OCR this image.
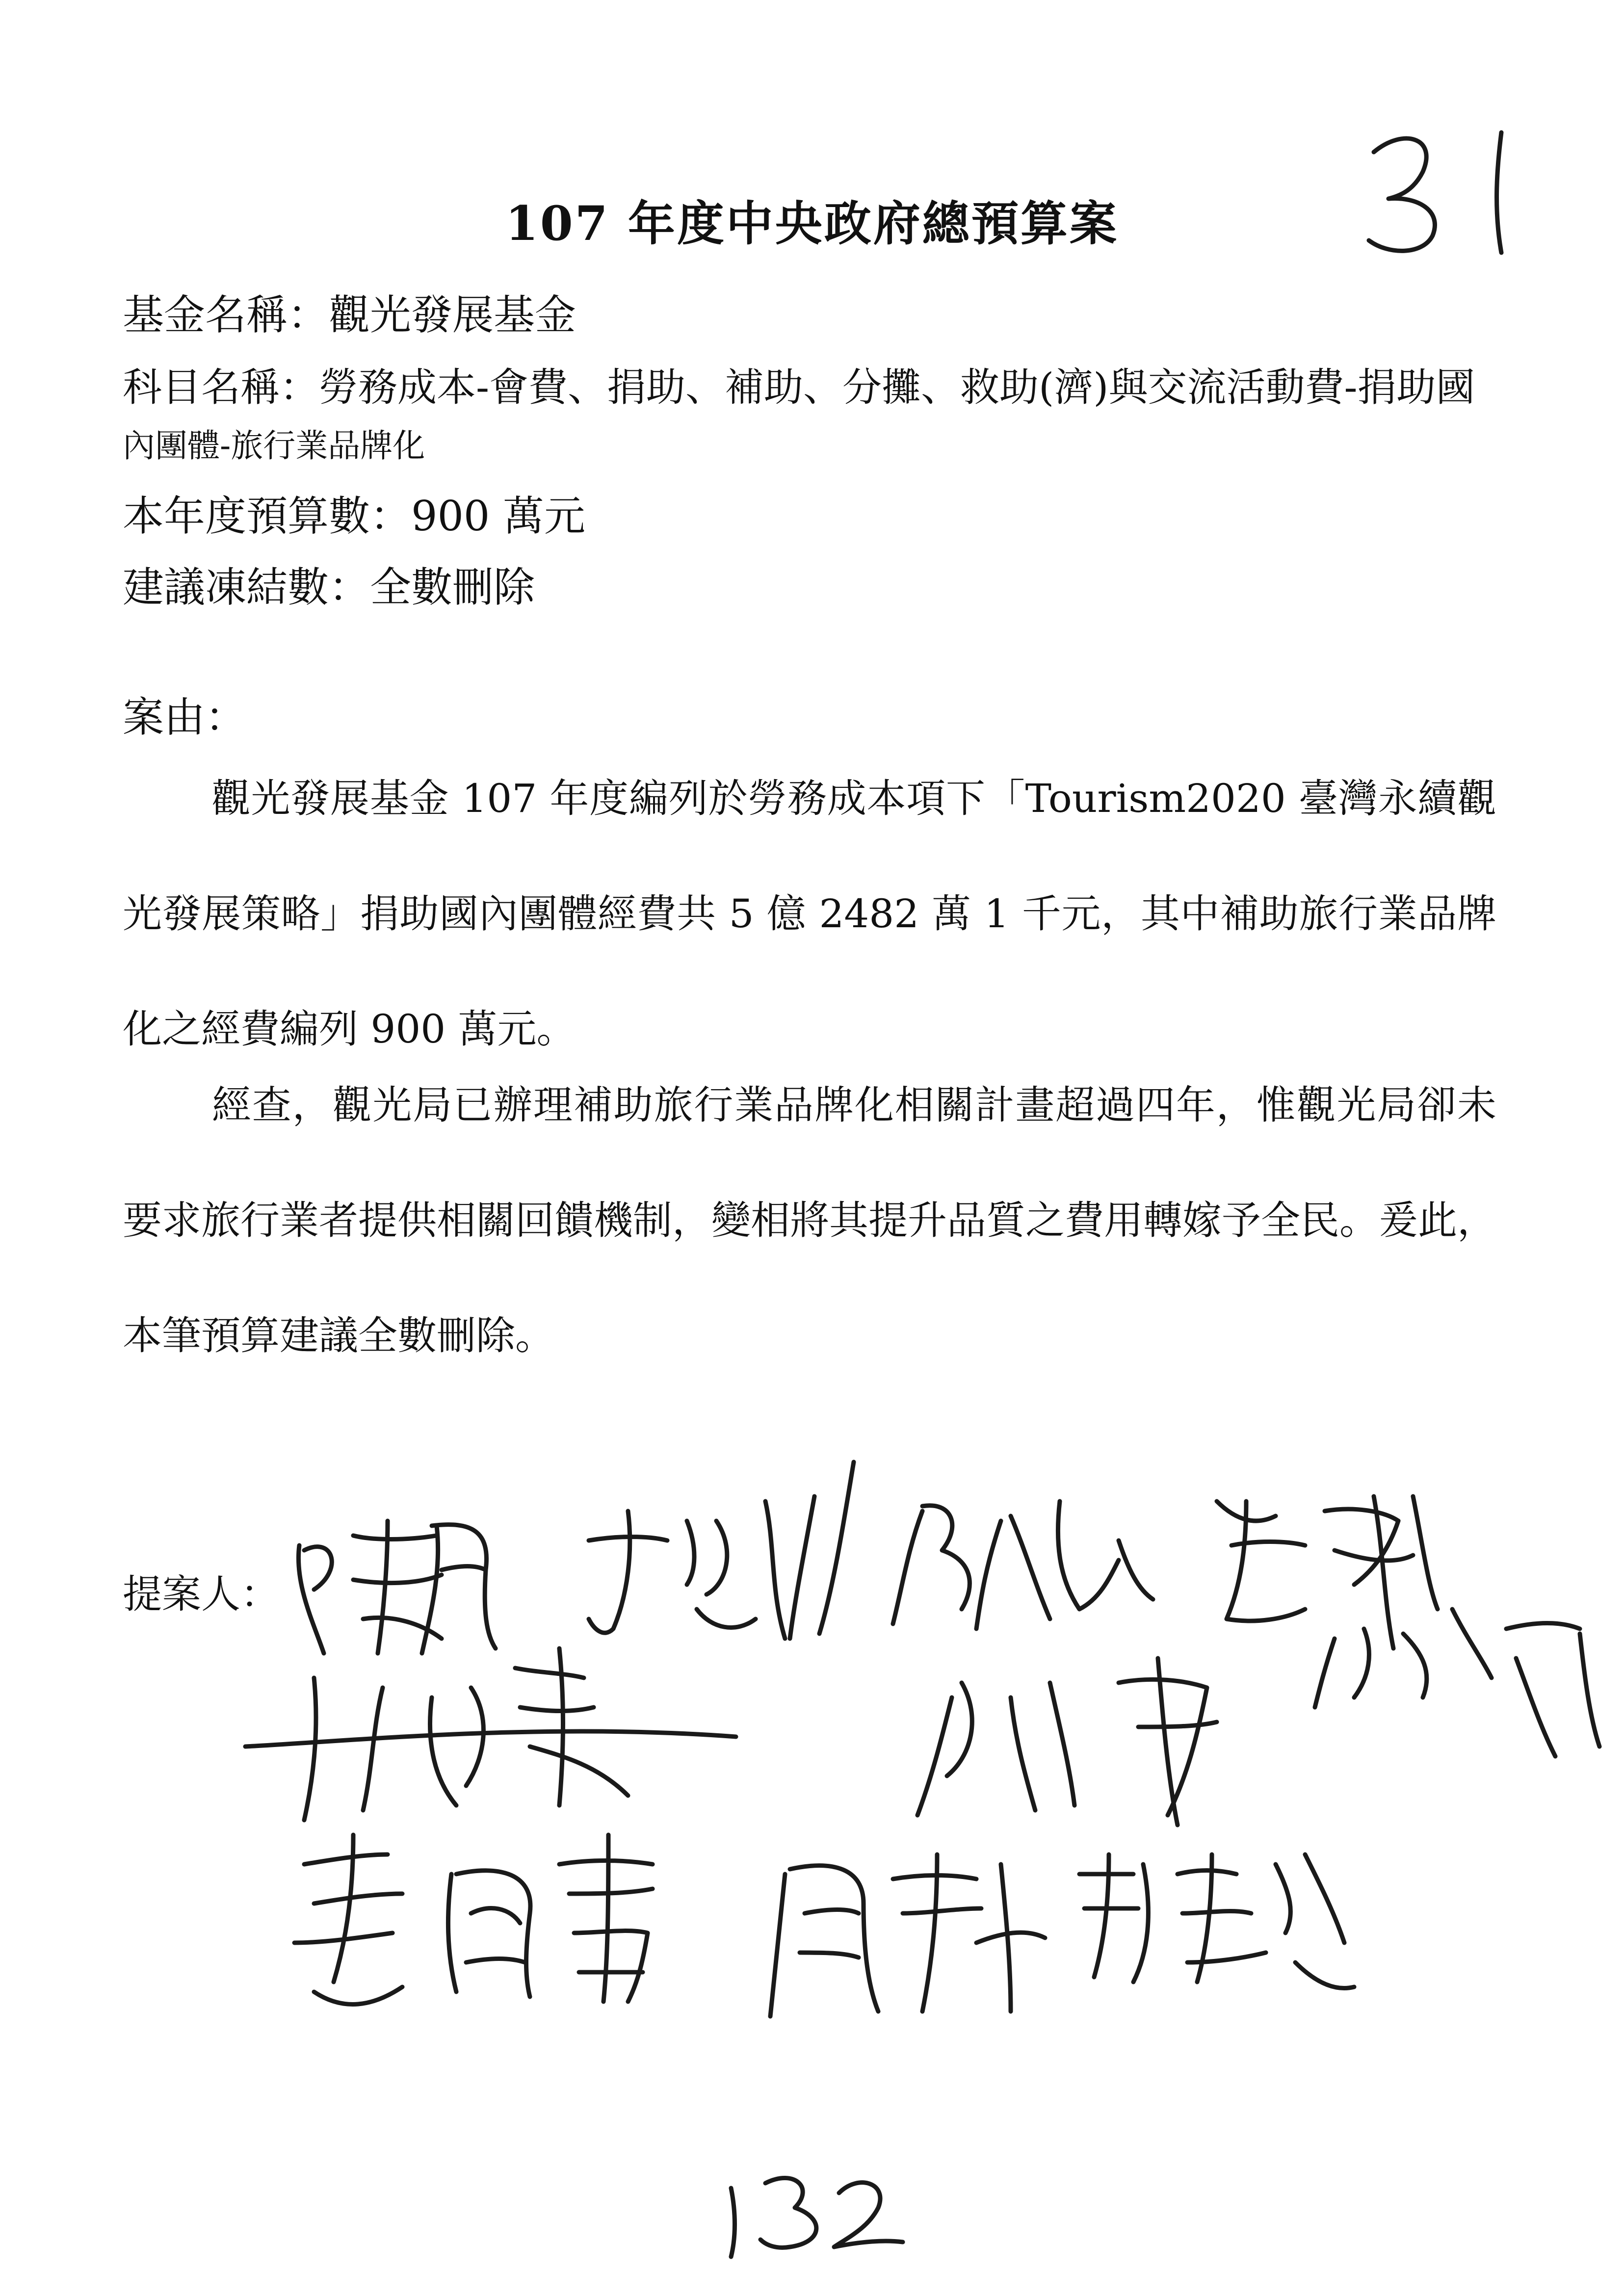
107 年度中央政府總預算案
31
基金名稱：觀光發展基金
科目名稱：勞務成本-會費、捐助、補助、分攤、救助(濟)與交流活動費-捐助國
內團體-旅行業品牌化
本年度預算數：900 萬元
建議凍結數：全數刪除
案由：
觀光發展基金 107 年度編列於勞務成本項下「Tourism2020 臺灣永續觀光發展策略」捐助國內團體經費共 5 億 2482 萬 1 千元，其中補助旅行業品牌化之經費編列 900 萬元。
經查，觀光局已辦理補助旅行業品牌化相關計畫超過四年，惟觀光局卻未要求旅行業者提供相關回饋機制，變相將其提升品質之費用轉嫁予全民。爰此，本筆預算建議全數刪除。
提案人：
